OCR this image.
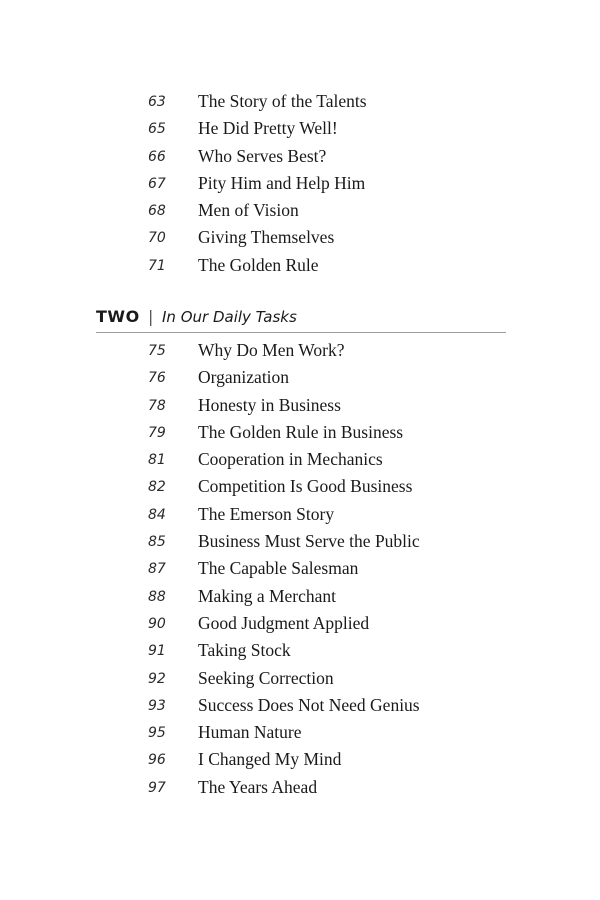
63 The Story of the Talents
65 He Did Pretty Well!
66 Who Serves Best?
67 Pity Him and Help Him
68 Men of Vision
70 Giving Themselves
71 The Golden Rule
TWO | In Our Daily Tasks
75 Why Do Men Work?
76 Organization
78 Honesty in Business
79 The Golden Rule in Business
81 Cooperation in Mechanics
82 Competition Is Good Business
84 The Emerson Story
85 Business Must Serve the Public
87 The Capable Salesman
88 Making a Merchant
90 Good Judgment Applied
91 Taking Stock
92 Seeking Correction
93 Success Does Not Need Genius
95 Human Nature
96 I Changed My Mind
97 The Years Ahead
